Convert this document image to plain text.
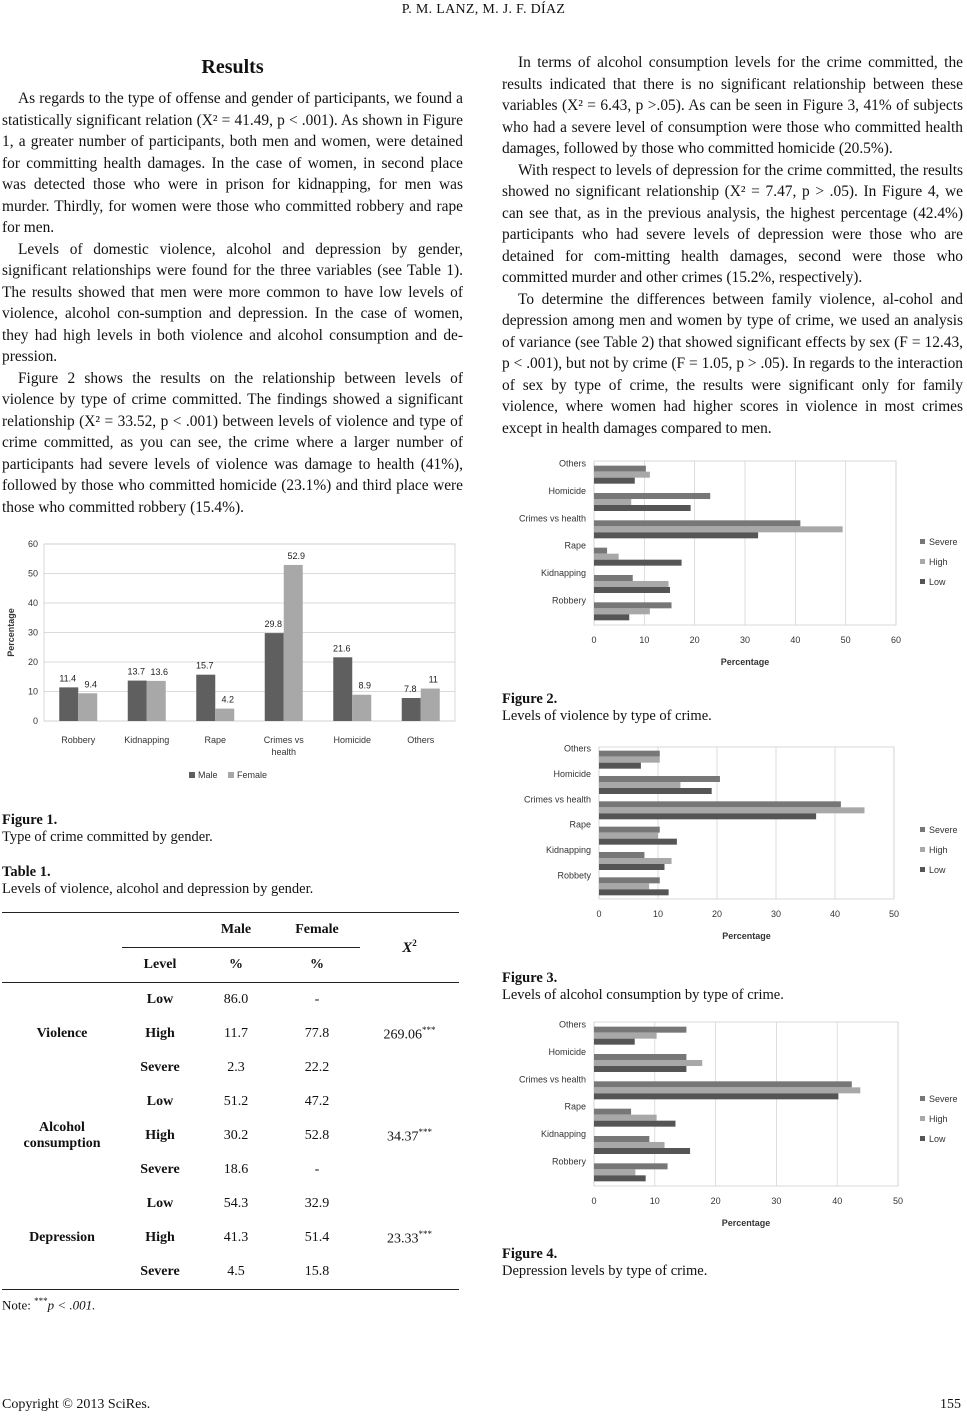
P. M. LANZ, M. J. F. DÍAZ
Results

As regards to the type of offense and gender of participants, we found a statistically significant relation (X² = 41.49, p < .001). As shown in Figure 1, a greater number of participants, both men and women, were detained for committing health damages. In the case of women, in second place was detected those who were in prison for kidnapping, for men was murder. Thirdly, for women were those who committed robbery and rape for men.

Levels of domestic violence, alcohol and depression by gender, significant relationships were found for the three variables (see Table 1). The results showed that men were more common to have low levels of violence, alcohol con-sumption and depression. In the case of women, they had high levels in both violence and alcohol consumption and de-pression.

Figure 2 shows the results on the relationship between levels of violence by type of crime committed. The findings showed a significant relationship (X² = 33.52, p < .001) between levels of violence and type of crime committed, as you can see, the crime where a larger number of participants had severe levels of violence was damage to health (41%), followed by those who committed homicide (23.1%) and third place were those who committed robbery (15.4%).

0
10
20
30
40
50
60
Percentage
11.4
9.4
Robbery
13.7 13.6
Kidnapping
15.7
4.2
Rape
29.8
52.9
Crimes vs
health
21.6
8.9
Homicide
7.8
11
Others
Male Female

Figure 1.

Type of crime committed by gender.

Table 1.

Levels of violence, alcohol and depression by gender.

		Male	Female	$X^2$
	Level	%	%	
Violence	Low	86.0	-	269.06***
	High	11.7	77.8	
	Severe	2.3	22.2	
Alcohol consumption	Low	51.2	47.2	34.37***
	High	30.2	52.8	
	Severe	18.6	-	
Depression	Low	54.3	32.9	23.33***
	High	41.3	51.4	
	Severe	4.5	15.8	
Note: ***p < .001.

In terms of alcohol consumption levels for the crime committed, the results indicated that there is no significant relationship between these variables (X² = 6.43, p >.05). As can be seen in Figure 3, 41% of subjects who had a severe level of consumption were those who committed health damages, followed by those who committed homicide (20.5%).

With respect to levels of depression for the crime committed, the results showed no significant relationship (X² = 7.47, p > .05). In Figure 4, we can see that, as in the previous analysis, the highest percentage (42.4%) participants who had severe levels of depression were those who are detained for com-mitting health damages, second were those who committed murder and other crimes (15.2%, respectively).

To determine the differences between family violence, al-cohol and depression among men and women by type of crime, we used an analysis of variance (see Table 2) that showed significant effects by sex (F = 12.43, p < .001), but not by crime (F = 1.05, p > .05). In regards to the interaction of sex by type of crime, the results were significant only for family violence, where women had higher scores in violence in most crimes except in health damages compared to men.

0	10	20	30	40	50	60
Percentage
Robbery
Kidnapping
Rape
Crimes vs health
Homicide
Others
Severe
High
Low

Figure 2.

Levels of violence by type of crime.

0	10	20	30	40	50
Percentage
Robbety
Kidnapping
Rape
Crimes vs health
Homicide
Others
Severe
High
Low

Figure 3.

Levels of alcohol consumption by type of crime.

0	10	20	30	40	50
Percentage
Robbery
Kidnapping
Rape
Crimes vs health
Homicide
Others
Severe
High
Low

Figure 4.

Depression levels by type of crime.

Copyright © 2013 SciRes.	155
